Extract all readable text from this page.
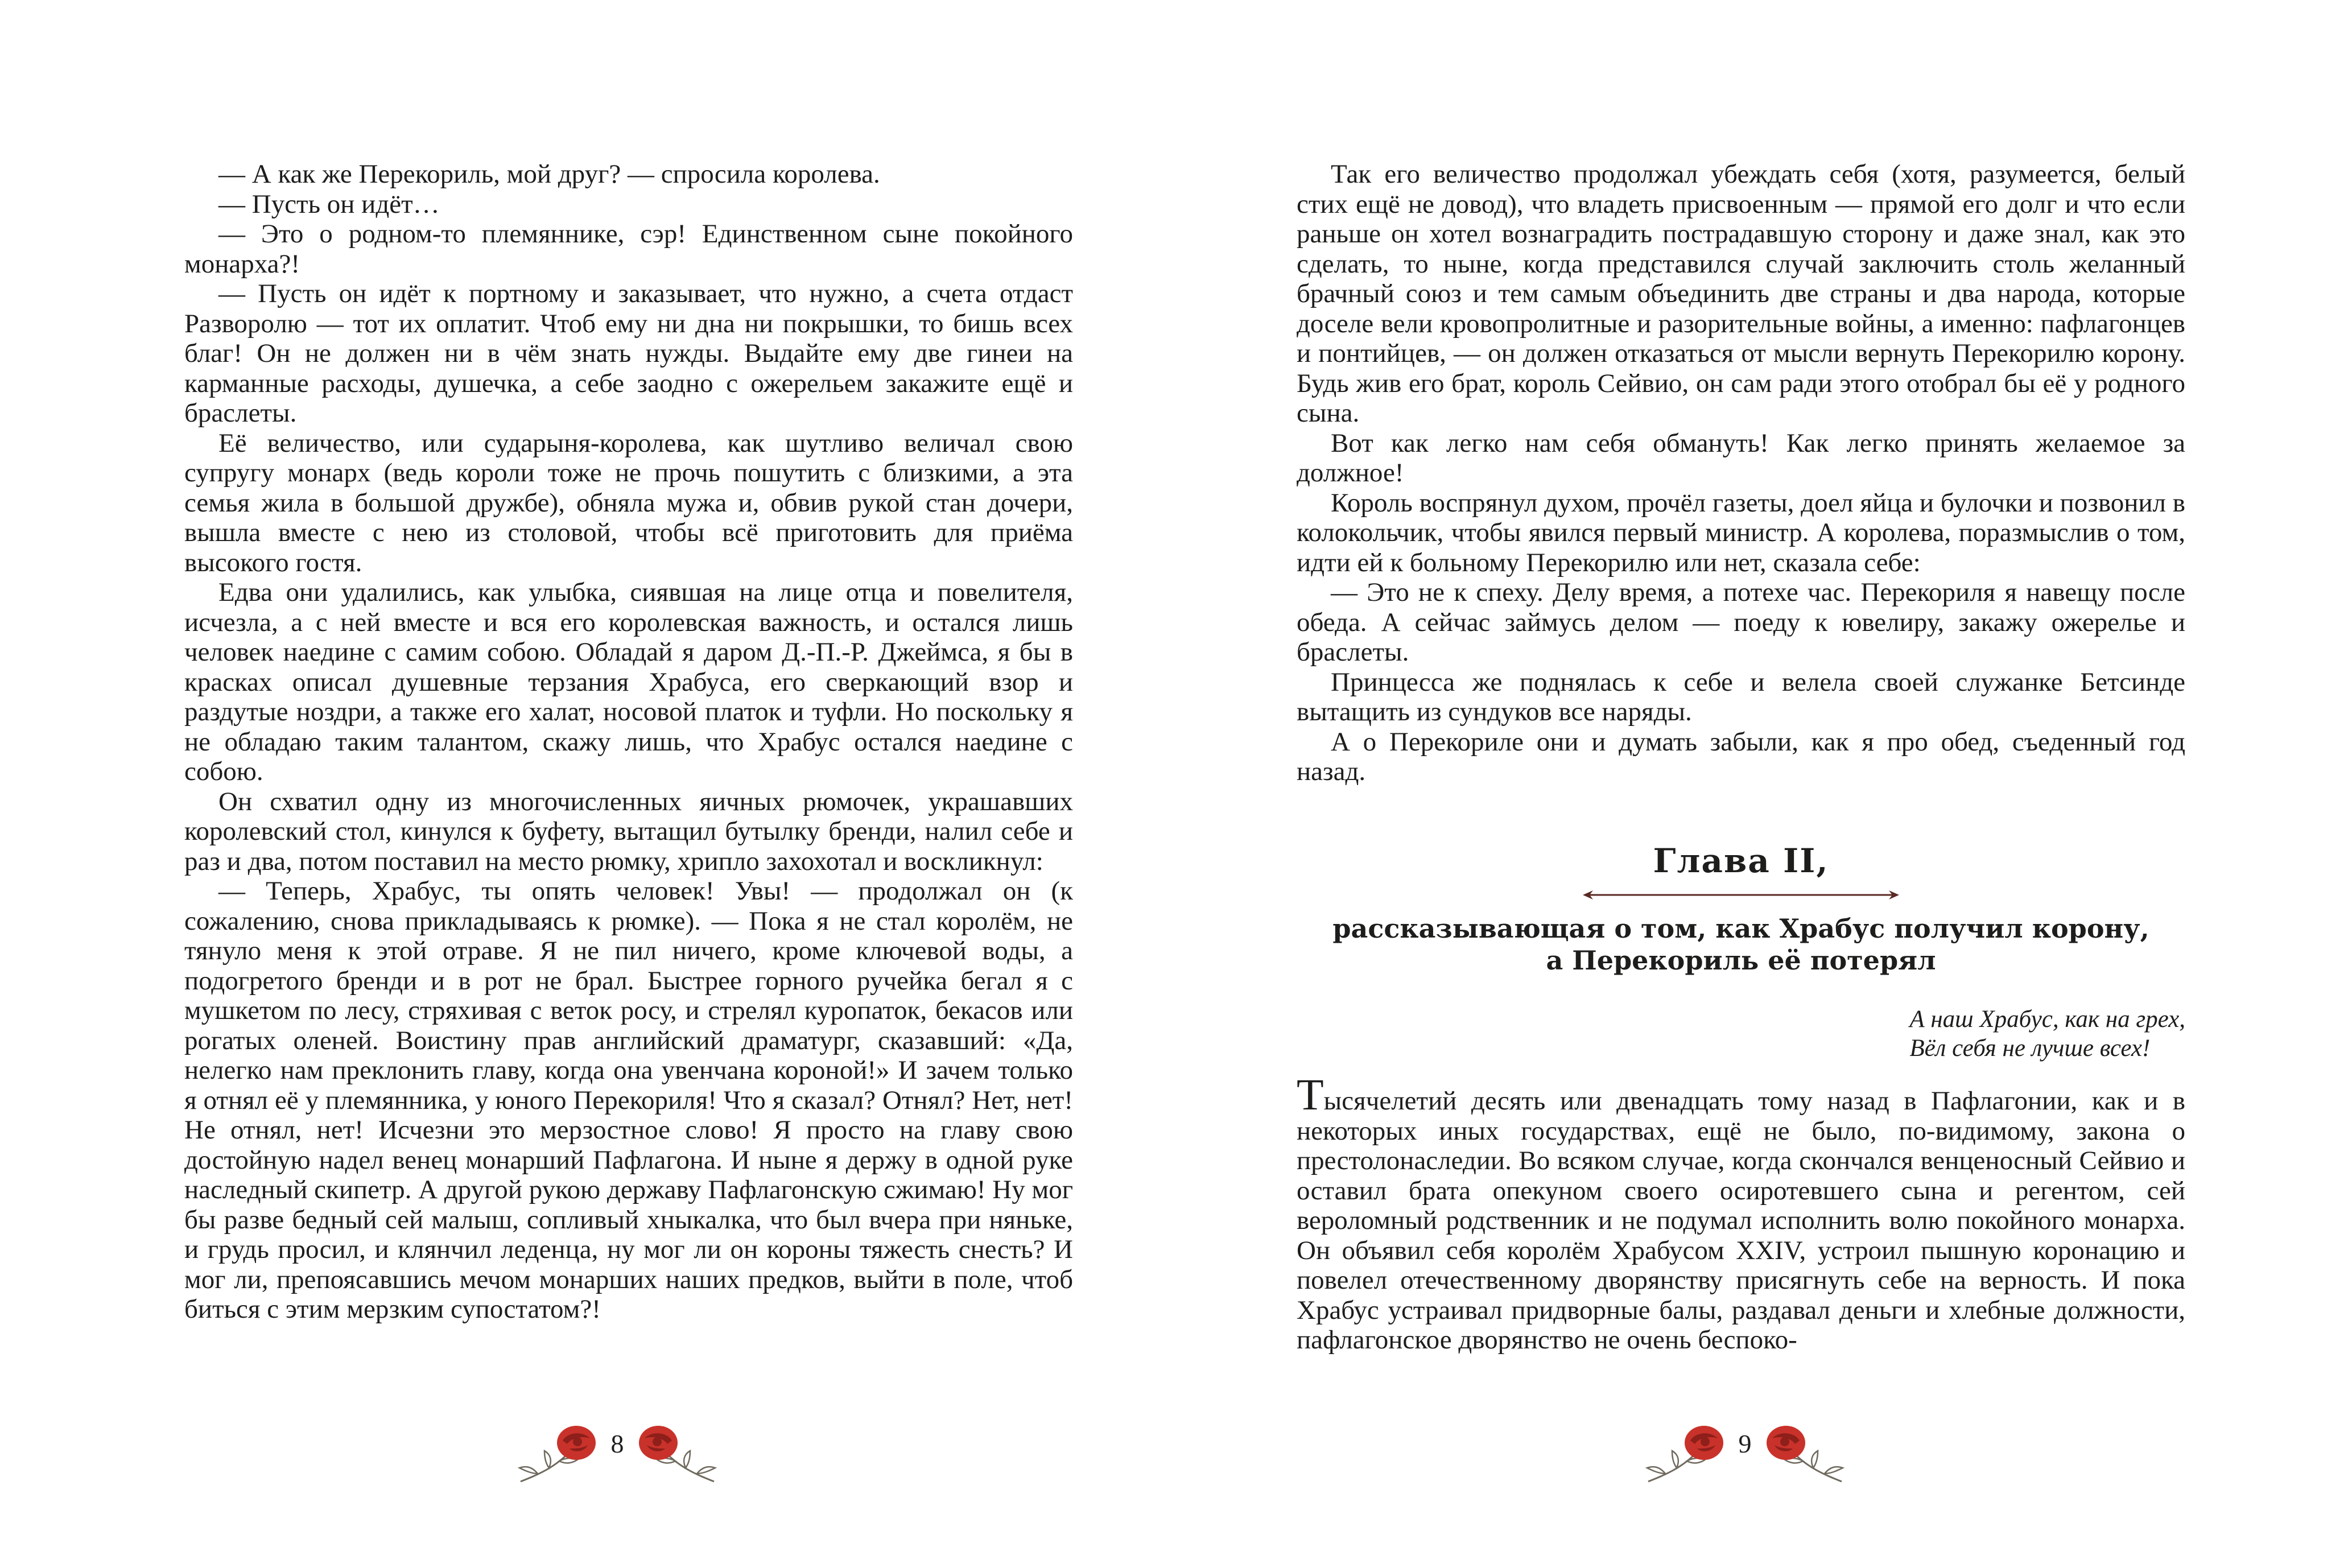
— А как же Перекориль, мой друг? — спросила королева.

— Пусть он идёт…

— Это о родном-то племяннике, сэр! Единственном сыне покойного монарха?!

— Пусть он идёт к портному и заказывает, что нужно, а счета отдаст Разворолю — тот их оплатит. Чтоб ему ни дна ни покрышки, то бишь всех благ! Он не должен ни в чём знать нужды. Выдайте ему две гинеи на карманные расходы, душечка, а себе заодно с ожерельем закажите ещё и браслеты.

Её величество, или сударыня-королева, как шутливо величал свою супругу монарх (ведь короли тоже не прочь пошутить с близкими, а эта семья жила в большой дружбе), обняла мужа и, обвив рукой стан дочери, вышла вместе с нею из столовой, чтобы всё приготовить для приёма высокого гостя.

Едва они удалились, как улыбка, сиявшая на лице отца и повелителя, исчезла, а с ней вместе и вся его королевская важность, и остался лишь человек наедине с самим собою. Обладай я даром Д.-П.-Р. Джеймса, я бы в красках описал душевные терзания Храбуса, его сверкающий взор и раздутые ноздри, а также его халат, носовой платок и туфли. Но поскольку я не обладаю таким талантом, скажу лишь, что Храбус остался наедине с собою.

Он схватил одну из многочисленных яичных рюмочек, украшавших королевский стол, кинулся к буфету, вытащил бутылку бренди, налил себе и раз и два, потом поставил на место рюмку, хрипло захохотал и воскликнул:

— Теперь, Храбус, ты опять человек! Увы! — продолжал он (к сожалению, снова прикладываясь к рюмке). — Пока я не стал королём, не тянуло меня к этой отраве. Я не пил ничего, кроме ключевой воды, а подогретого бренди и в рот не брал. Быстрее горного ручейка бегал я с мушкетом по лесу, стряхивая с веток росу, и стрелял куропаток, бекасов или рогатых оленей. Воистину прав английский драматург, сказавший: «Да, нелегко нам преклонить главу, когда она увенчана короной!» И зачем только я отнял её у племянника, у юного Перекориля! Что я сказал? Отнял? Нет, нет! Не отнял, нет! Исчезни это мерзостное слово! Я просто на главу свою достойную надел венец монарший Пафлагона. И ныне я держу в одной руке наследный скипетр. А другой рукою державу Пафлагонскую сжимаю! Ну мог бы разве бедный сей малыш, сопливый хныкалка, что был вчера при няньке, и грудь просил, и клянчил леденца, ну мог ли он короны тяжесть снесть? И мог ли, препоясавшись мечом монарших наших предков, выйти в поле, чтоб биться с этим мерзким супостатом?!

8

Так его величество продолжал убеждать себя (хотя, разумеется, белый стих ещё не довод), что владеть присвоенным — прямой его долг и что если раньше он хотел вознаградить пострадавшую сторону и даже знал, как это сделать, то ныне, когда представился случай заключить столь желанный брачный союз и тем самым объединить две страны и два народа, которые доселе вели кровопролитные и разорительные войны, а именно: пафлагонцев и понтийцев, — он должен отказаться от мысли вернуть Перекорилю корону. Будь жив его брат, король Сейвио, он сам ради этого отобрал бы её у родного сына.

Вот как легко нам себя обмануть! Как легко принять желаемое за должное!

Король воспрянул духом, прочёл газеты, доел яйца и булочки и позвонил в колокольчик, чтобы явился первый министр. А королева, поразмыслив о том, идти ей к больному Перекорилю или нет, сказала себе:

— Это не к спеху. Делу время, а потехе час. Перекориля я навещу после обеда. А сейчас займусь делом — поеду к ювелиру, закажу ожерелье и браслеты.

Принцесса же поднялась к себе и велела своей служанке Бетсинде вытащить из сундуков все наряды.

А о Перекориле они и думать забыли, как я про обед, съеденный год назад.

Глава II,

рассказывающая о том, как Храбус получил корону,

а Перекориль её потерял

А наш Храбус, как на грех,
Вёл себя не лучше всех!

Тысячелетий десять или двенадцать тому назад в Пафлагонии, как и в некоторых иных государствах, ещё не было, по-видимому, закона о престолонаследии. Во всяком случае, когда скончался венценосный Сейвио и оставил брата опекуном своего осиротевшего сына и регентом, сей вероломный родственник и не подумал исполнить волю покойного монарха. Он объявил себя королём Храбусом XXIV, устроил пышную коронацию и повелел отечественному дворянству присягнуть себе на верность. И пока Храбус устраивал придворные балы, раздавал деньги и хлебные должности, пафлагонское дворянство не очень беспоко-

9
